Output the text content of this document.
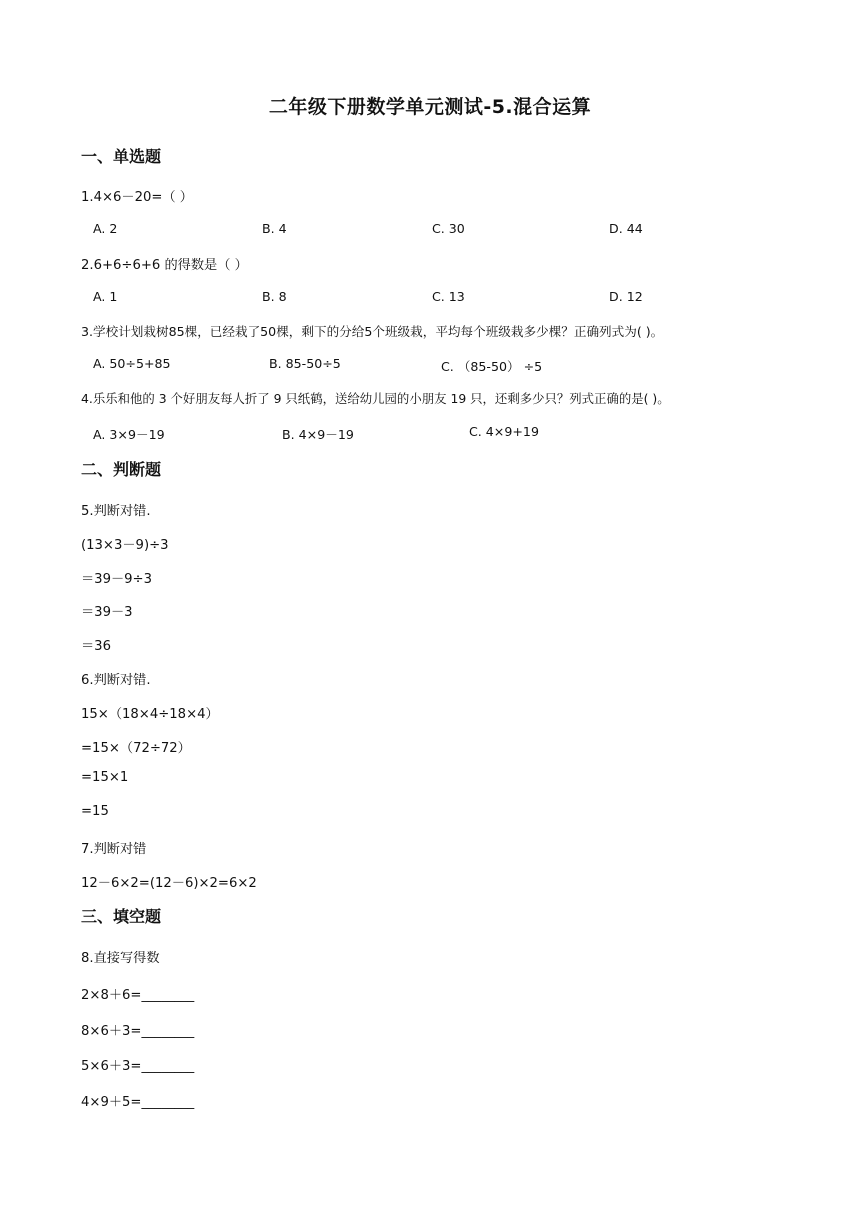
二年级下册数学单元测试-5.混合运算
一、单选题
1.4×6－20=（ ）
A. 2	B. 4	C. 30	D. 44
2.6+6÷6+6 的得数是（ ）
A. 1	B. 8	C. 13	D. 12
3.学校计划栽树85棵，已经栽了50棵，剩下的分给5个班级栽，平均每个班级栽多少棵？正确列式为( )。
A. 50÷5+85	B. 85-50÷5	C. （85-50） ÷5
4.乐乐和他的 3 个好朋友每人折了 9 只纸鹤，送给幼儿园的小朋友 19 只，还剩多少只？列式正确的是( )。
A. 3×9－19	B. 4×9－19	C. 4×9+19
二、判断题
5.判断对错.
(13×3－9)÷3
＝39－9÷3
＝39－3
＝36
6.判断对错.
15×（18×4÷18×4）
=15×（72÷72）
=15×1
=15
7.判断对错
12－6×2=(12－6)×2=6×2
三、填空题
8.直接写得数
2×8＋6=________
8×6＋3=________
5×6＋3=________
4×9＋5=________
